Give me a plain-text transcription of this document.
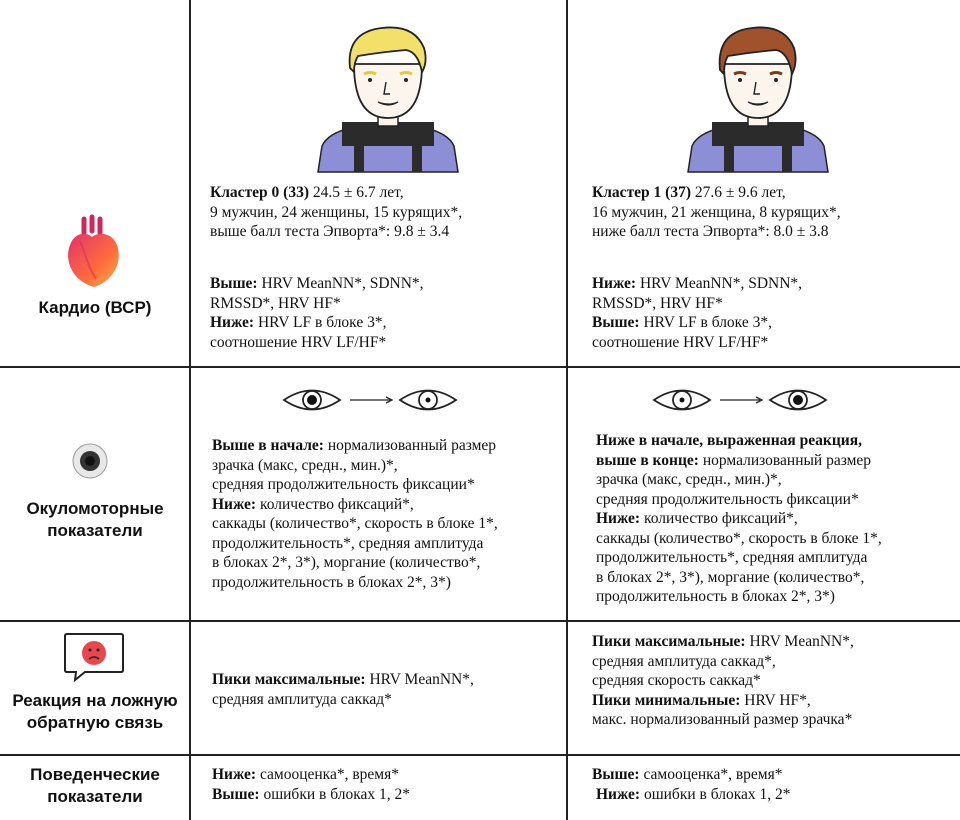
Кардио (ВСР)
Окуломоторные
показатели
Реакция на ложную
обратную связь
Поведенческие
показатели
Кластер 0 (33) 24.5 ± 6.7 лет,
9 мужчин, 24 женщины, 15 курящих*,
выше балл теста Эпворта*: 9.8 ± 3.4
Выше: HRV MeanNN*, SDNN*,
RMSSD*, HRV HF*
Ниже: HRV LF в блоке 3*,
соотношение HRV LF/HF*
Выше в начале: нормализованный размер
зрачка (макс, средн., мин.)*,
средняя продолжительность фиксации*
Ниже: количество фиксаций*,
саккады (количество*, скорость в блоке 1*,
продолжительность*, средняя амплитуда
в блоках 2*, 3*), моргание (количество*,
продолжительность в блоках 2*, 3*)
Пики максимальные: HRV MeanNN*,
средняя амплитуда саккад*
Ниже: самооценка*, время*
Выше: ошибки в блоках 1, 2*
Кластер 1 (37) 27.6 ± 9.6 лет,
16 мужчин, 21 женщина, 8 курящих*,
ниже балл теста Эпворта*: 8.0 ± 3.8
Ниже: HRV MeanNN*, SDNN*,
RMSSD*, HRV HF*
Выше: HRV LF в блоке 3*,
соотношение HRV LF/HF*
Ниже в начале, выраженная реакция,
выше в конце: нормализованный размер
зрачка (макс, средн., мин.)*,
средняя продолжительность фиксации*
Ниже: количество фиксаций*,
саккады (количество*, скорость в блоке 1*,
продолжительность*, средняя амплитуда
в блоках 2*, 3*), моргание (количество*,
продолжительность в блоках 2*, 3*)
Пики максимальные: HRV MeanNN*,
средняя амплитуда саккад*,
средняя скорость саккад*
Пики минимальные: HRV HF*,
макс. нормализованный размер зрачка*
Выше: самооценка*, время*
Ниже: ошибки в блоках 1, 2*
